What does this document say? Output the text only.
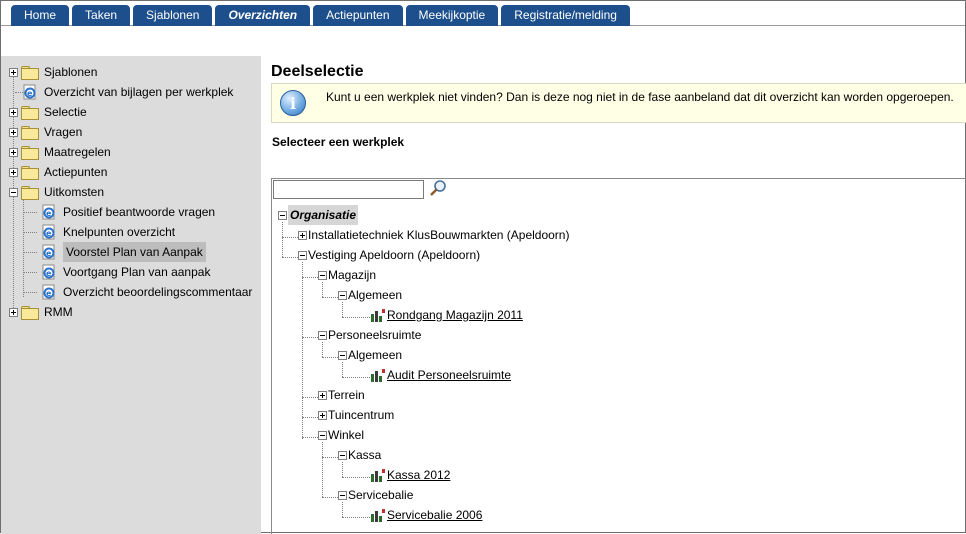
Home	Taken	Sjablonen	Overzichten	Actiepunten	Meekijkoptie	Registratie/melding
Sjablonen
e Overzicht van bijlagen per werkplek
Selectie
Vragen
Maatregelen
Actiepunten
Uitkomsten
e Positief beantwoorde vragen
e Knelpunten overzicht
e Voorstel Plan van Aanpak
e Voortgang Plan van aanpak
e Overzicht beoordelingscommentaar
RMM
Deelselectie
i	Kunt u een werkplek niet vinden? Dan is deze nog niet in de fase aanbeland dat dit overzicht kan worden opgeroepen.
Selecteer een werkplek
Organisatie
Installatietechniek KlusBouwmarkten (Apeldoorn)
Vestiging Apeldoorn (Apeldoorn)
Magazijn
Algemeen
Rondgang Magazijn 2011
Personeelsruimte
Algemeen
Audit Personeelsruimte
Terrein
Tuincentrum
Winkel
Kassa
Kassa 2012
Servicebalie
Servicebalie 2006
